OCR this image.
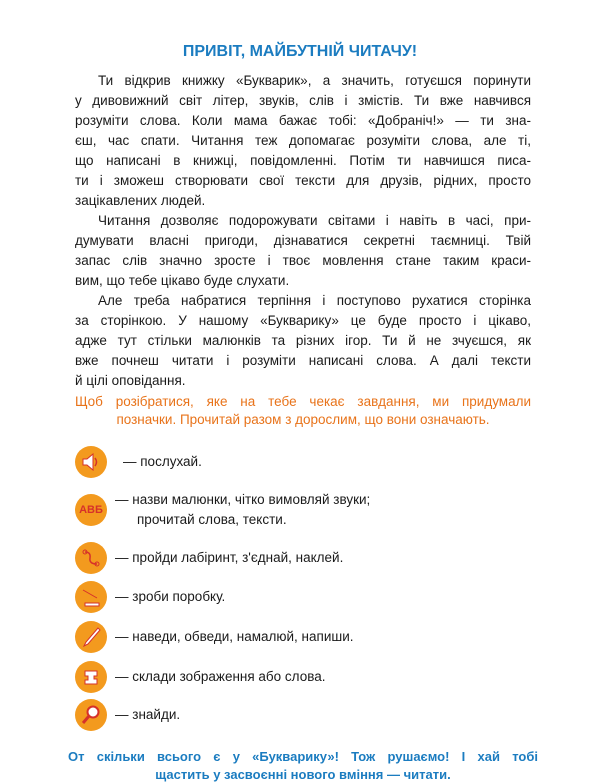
ПРИВІТ, МАЙБУТНІЙ ЧИТАЧУ!
Ти відкрив книжку «Букварик», а значить, готуєшся поринути
у дивовижний світ літер, звуків, слів і змістів. Ти вже навчився
розуміти слова. Коли мама бажає тобі: «Добраніч!» — ти зна-
єш, час спати. Читання теж допомагає розуміти слова, але ті,
що написані в книжці, повідомленні. Потім ти навчишся писа-
ти і зможеш створювати свої тексти для друзів, рідних, просто
зацікавлених людей.
Читання дозволяє подорожувати світами і навіть в часі, при-
думувати власні пригоди, дізнаватися секретні таємниці. Твій
запас слів значно зросте і твоє мовлення стане таким краси-
вим, що тебе цікаво буде слухати.
Але треба набратися терпіння і поступово рухатися сторінка
за сторінкою. У нашому «Букварику» це буде просто і цікаво,
адже тут стільки малюнків та різних ігор. Ти й не зчуєшся, як
вже почнеш читати і розуміти написані слова. А далі тексти
й цілі оповідання.
Щоб розібратися, яке на тебе чекає завдання, ми придумали
позначки. Прочитай разом з дорослим, що вони означають.
— послухай.
АВБ
— назви малюнки, чітко вимовляй звуки;
прочитай слова, тексти.
— пройди лабіринт, з'єднай, наклей.
— зроби поробку.
— наведи, обведи, намалюй, напиши.
— склади зображення або слова.
— знайди.
От скільки всього є у «Букварику»! Тож рушаємо! І хай тобі
щастить у засвоєнні нового вміння — читати.
